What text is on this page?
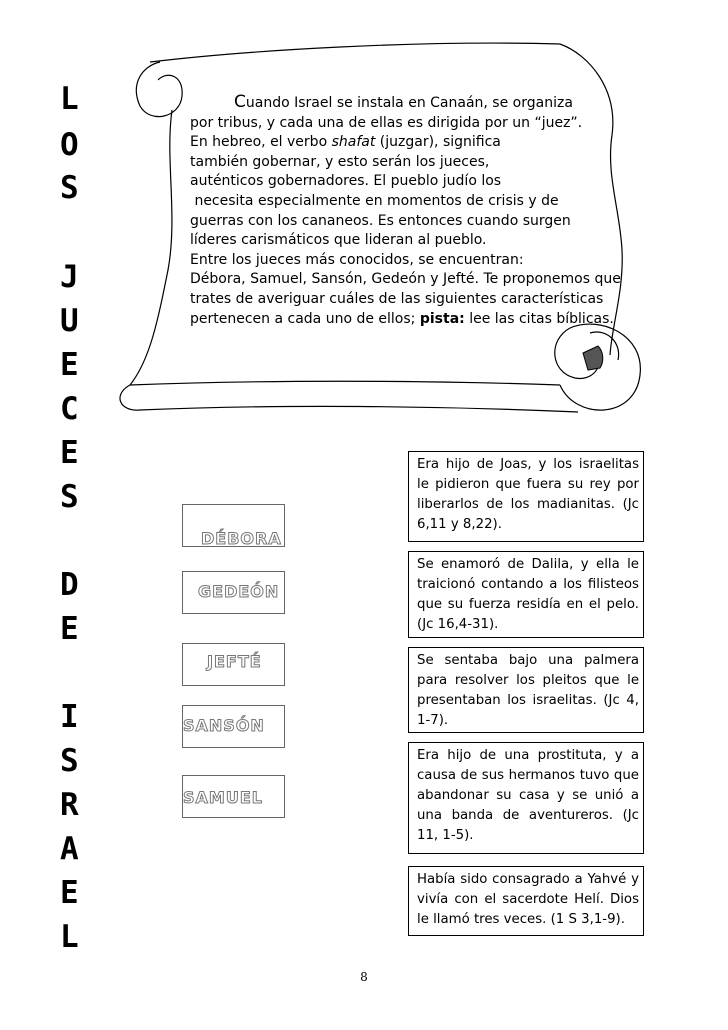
L
O
S
J
U
E
C
E
S
D
E
I
S
R
A
E
L
Cuando Israel se instala en Canaán, se organiza
por tribus, y cada una de ellas es dirigida por un “juez”.
En hebreo, el verbo shafat (juzgar), significa
también gobernar, y esto serán los jueces,
auténticos gobernadores. El pueblo judío los
necesita especialmente en momentos de crisis y de
guerras con los cananeos. Es entonces cuando surgen
líderes carismáticos que lideran al pueblo.
Entre los jueces más conocidos, se encuentran:
Débora, Samuel, Sansón, Gedeón y Jefté. Te proponemos que
trates de averiguar cuáles de las siguientes características
pertenecen a cada uno de ellos; pista: lee las citas bíblicas.
DÉBORA
GEDEÓN
JEFTÉ
SANSÓN
SAMUEL
Era hijo de Joas, y los israelitas le pidieron que fuera su rey por liberarlos de los madianitas. (Jc 6,11 y 8,22).
Se enamoró de Dalila, y ella le traicionó contando a los filisteos que su fuerza residía en el pelo. (Jc 16,4-31).
Se sentaba bajo una palmera para resolver los pleitos que le presentaban los israelitas. (Jc 4, 1-7).
Era hijo de una prostituta, y a causa de sus hermanos tuvo que abandonar su casa y se unió a una banda de aventureros. (Jc 11, 1-5).
Había sido consagrado a Yahvé y vivía con el sacerdote Helí. Dios le llamó tres veces. (1 S 3,1-9).
8
